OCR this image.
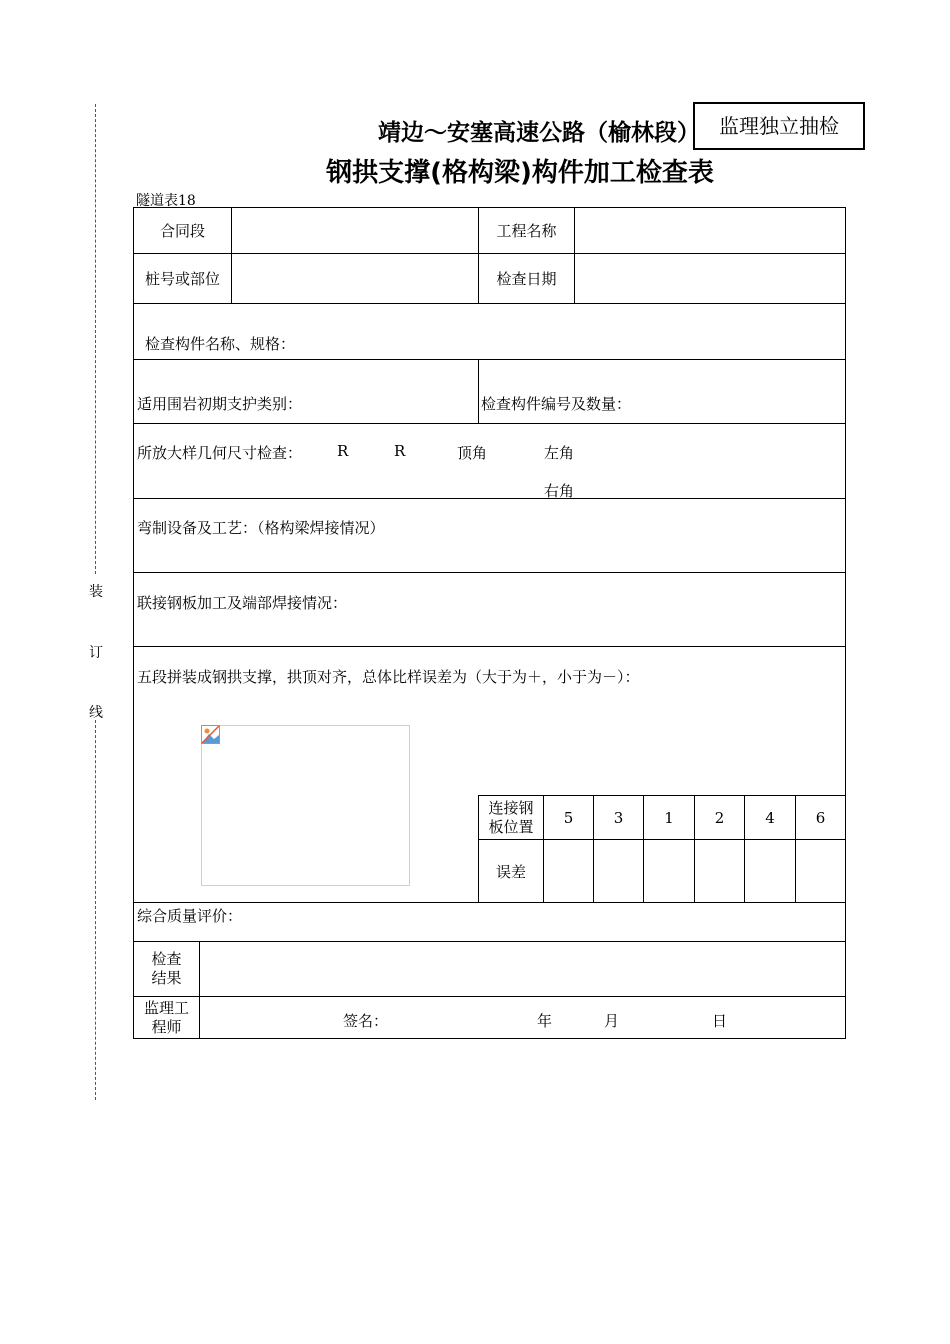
装
订
线
靖边～安塞高速公路（榆林段） 监理独立抽检
钢拱支撑(格构梁)构件加工检查表
隧道表18
合同段	工程名称
桩号或部位	检查日期
检查构件名称、规格：
适用围岩初期支护类别：	检查构件编号及数量：
所放大样几何尺寸检查： R	R	顶角	左角
右角
弯制设备及工艺：（格构梁焊接情况）
联接钢板加工及端部焊接情况：
五段拼装成钢拱支撑，拱顶对齐，总体比样误差为（大于为＋，小于为－）：
连接钢板位置 5	3	1	2	4	6
误差
综合质量评价：
检查结果
监理工程师	签名：	年	月	日
